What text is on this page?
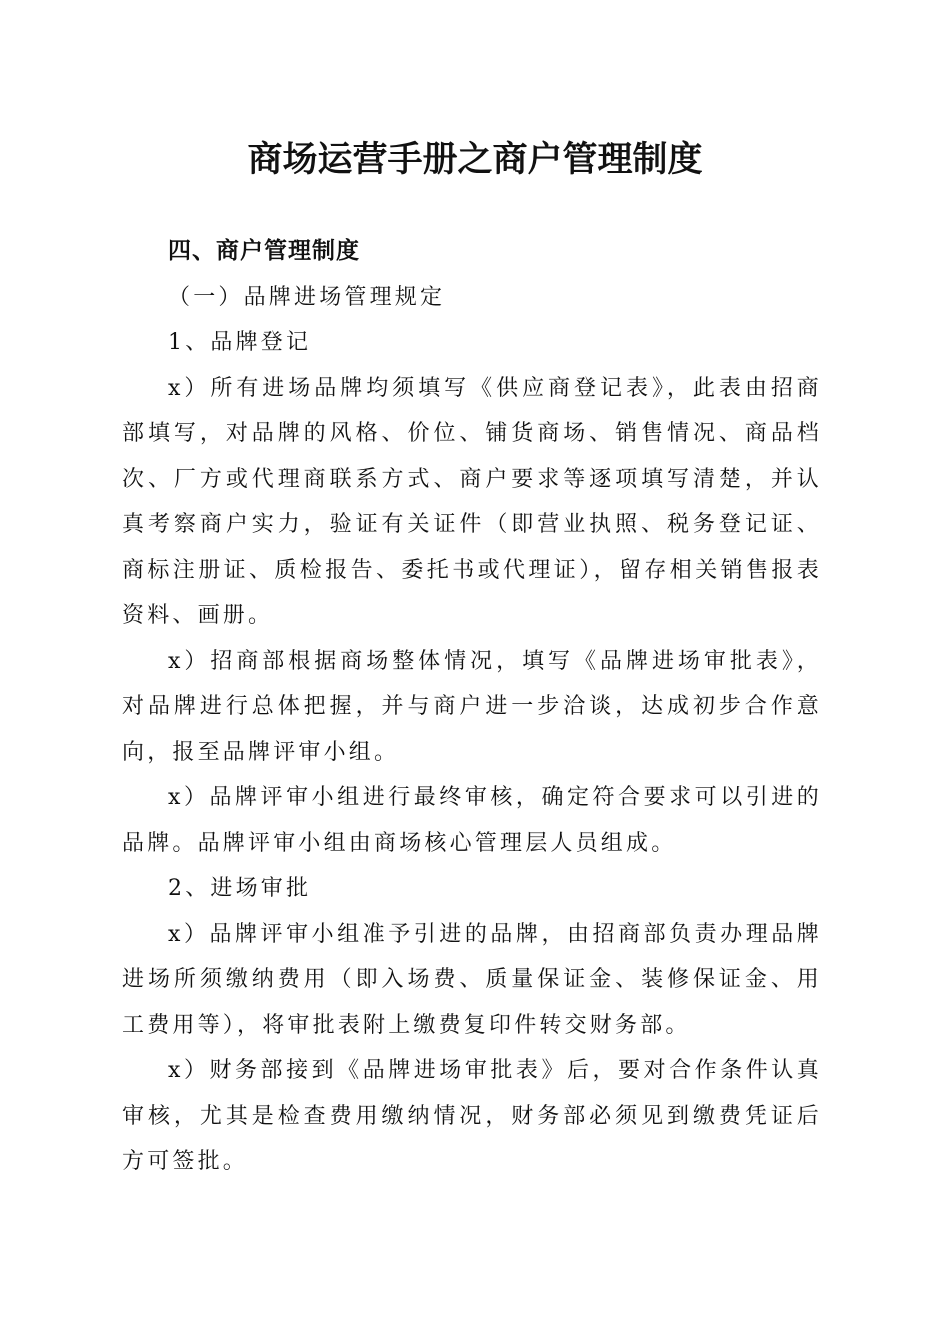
商场运营手册之商户管理制度

四、商户管理制度

（一）品牌进场管理规定

1、品牌登记

x）所有进场品牌均须填写《供应商登记表》，此表由招商部填写，对品牌的风格、价位、铺货商场、销售情况、商品档次、厂方或代理商联系方式、商户要求等逐项填写清楚，并认真考察商户实力，验证有关证件（即营业执照、税务登记证、商标注册证、质检报告、委托书或代理证），留存相关销售报表资料、画册。

x）招商部根据商场整体情况，填写《品牌进场审批表》，对品牌进行总体把握，并与商户进一步洽谈，达成初步合作意向，报至品牌评审小组。

x）品牌评审小组进行最终审核，确定符合要求可以引进的品牌。品牌评审小组由商场核心管理层人员组成。

2、进场审批

x）品牌评审小组准予引进的品牌，由招商部负责办理品牌进场所须缴纳费用（即入场费、质量保证金、装修保证金、用工费用等），将审批表附上缴费复印件转交财务部。

x）财务部接到《品牌进场审批表》后，要对合作条件认真审核，尤其是检查费用缴纳情况，财务部必须见到缴费凭证后方可签批。
